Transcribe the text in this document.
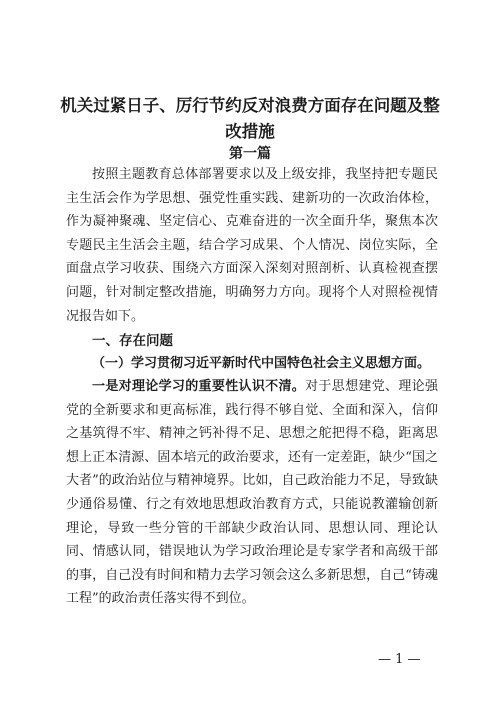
机关过紧日子、厉行节约反对浪费方面存在问题及整改措施
第一篇
按照主题教育总体部署要求以及上级安排，我坚持把专题民主生活会作为学思想、强党性重实践、建新功的一次政治体检，作为凝神聚魂、坚定信心、克难奋进的一次全面升华，聚焦本次专题民主生活会主题，结合学习成果、个人情况、岗位实际，全面盘点学习收获、围绕六方面深入深刻对照剖析、认真检视查摆问题，针对制定整改措施，明确努力方向。现将个人对照检视情况报告如下。
一、存在问题
（一）学习贯彻习近平新时代中国特色社会主义思想方面。
一是对理论学习的重要性认识不清。对于思想建党、理论强党的全新要求和更高标准，践行得不够自觉、全面和深入，信仰之基筑得不牢、精神之钙补得不足、思想之舵把得不稳，距离思想上正本清源、固本培元的政治要求，还有一定差距，缺少“国之大者”的政治站位与精神境界。比如，自己政治能力不足，导致缺少通俗易懂、行之有效地思想政治教育方式，只能说教灌输创新理论，导致一些分管的干部缺少政治认同、思想认同、理论认同、情感认同，错误地认为学习政治理论是专家学者和高级干部的事，自己没有时间和精力去学习领会这么多新思想，自己“铸魂工程”的政治责任落实得不到位。
— 1 —
